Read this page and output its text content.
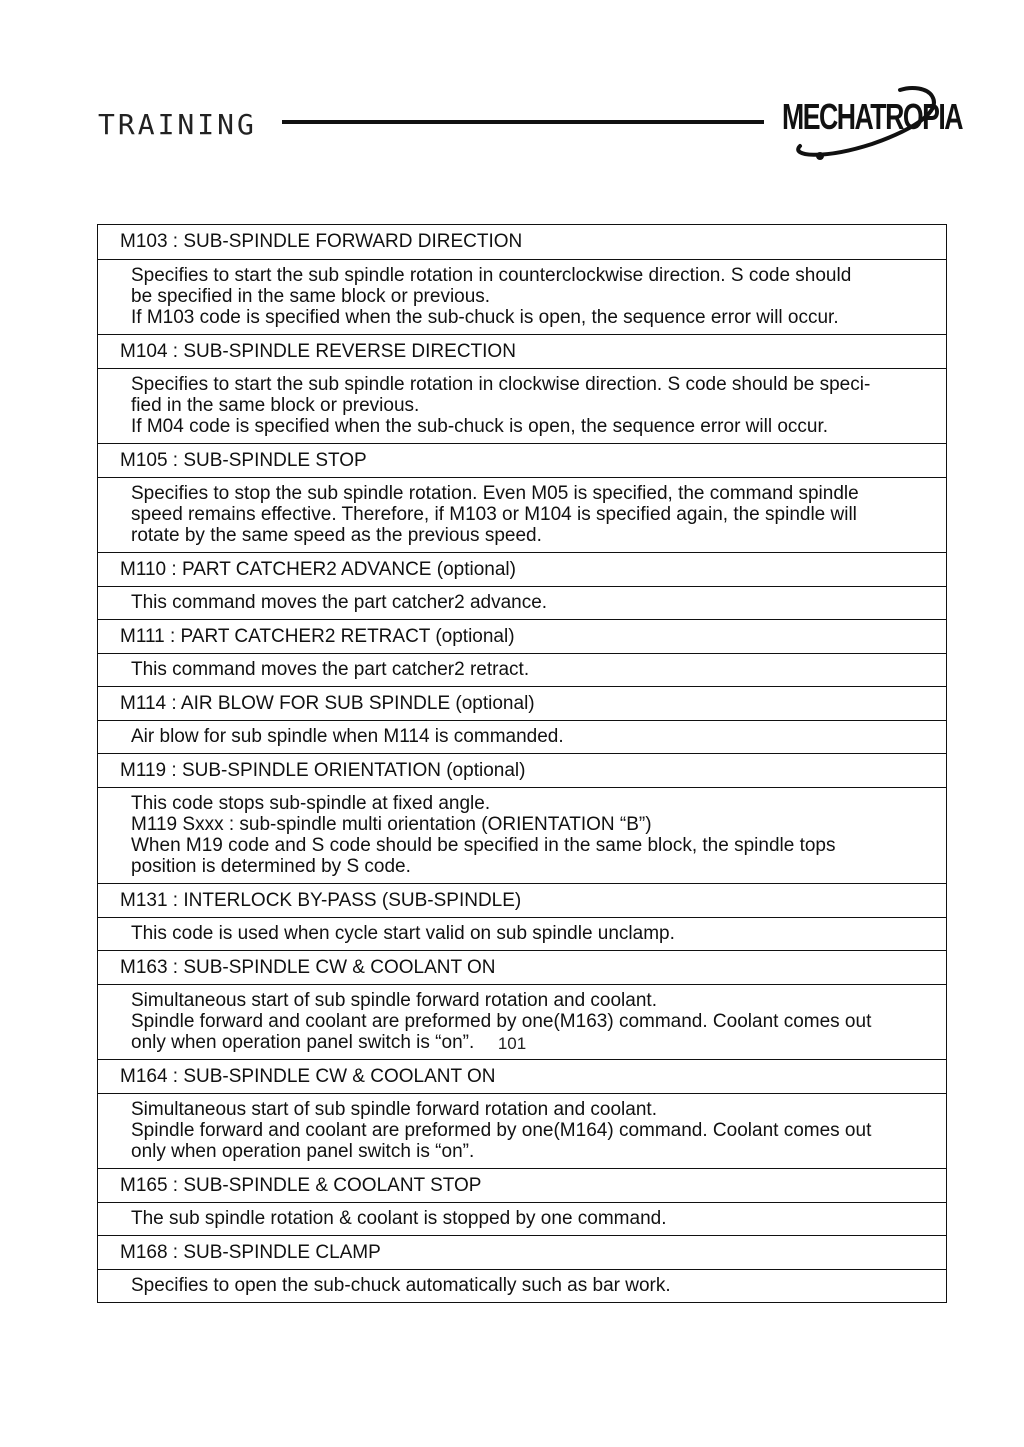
TRAINING	MECHATROPIA
M103 : SUB-SPINDLE FORWARD DIRECTION
Specifies to start the sub spindle rotation in counterclockwise direction. S code should
be specified in the same block or previous.
If M103 code is specified when the sub-chuck is open, the sequence error will occur.
M104 : SUB-SPINDLE REVERSE DIRECTION
Specifies to start the sub spindle rotation in clockwise direction. S code should be speci-
fied in the same block or previous.
If M04 code is specified when the sub-chuck is open, the sequence error will occur.
M105 : SUB-SPINDLE STOP
Specifies to stop the sub spindle rotation. Even M05 is specified, the command spindle
speed remains effective. Therefore, if M103 or M104 is specified again, the spindle will
rotate by the same speed as the previous speed.
M110 : PART CATCHER2 ADVANCE (optional)
This command moves the part catcher2 advance.
M111 : PART CATCHER2 RETRACT (optional)
This command moves the part catcher2 retract.
M114 : AIR BLOW FOR SUB SPINDLE (optional)
Air blow for sub spindle when M114 is commanded.
M119 : SUB-SPINDLE ORIENTATION (optional)
This code stops sub-spindle at fixed angle.
M119 Sxxx : sub-spindle multi orientation (ORIENTATION “B”)
When M19 code and S code should be specified in the same block, the spindle tops
position is determined by S code.
M131 : INTERLOCK BY-PASS (SUB-SPINDLE)
This code is used when cycle start valid on sub spindle unclamp.
M163 : SUB-SPINDLE CW & COOLANT ON
Simultaneous start of sub spindle forward rotation and coolant.
Spindle forward and coolant are preformed by one(M163) command. Coolant comes out
only when operation panel switch is “on”.
M164 : SUB-SPINDLE CW & COOLANT ON
Simultaneous start of sub spindle forward rotation and coolant.
Spindle forward and coolant are preformed by one(M164) command. Coolant comes out
only when operation panel switch is “on”.
M165 : SUB-SPINDLE & COOLANT STOP
The sub spindle rotation & coolant is stopped by one command.
M168 : SUB-SPINDLE CLAMP
Specifies to open the sub-chuck automatically such as bar work.
101
